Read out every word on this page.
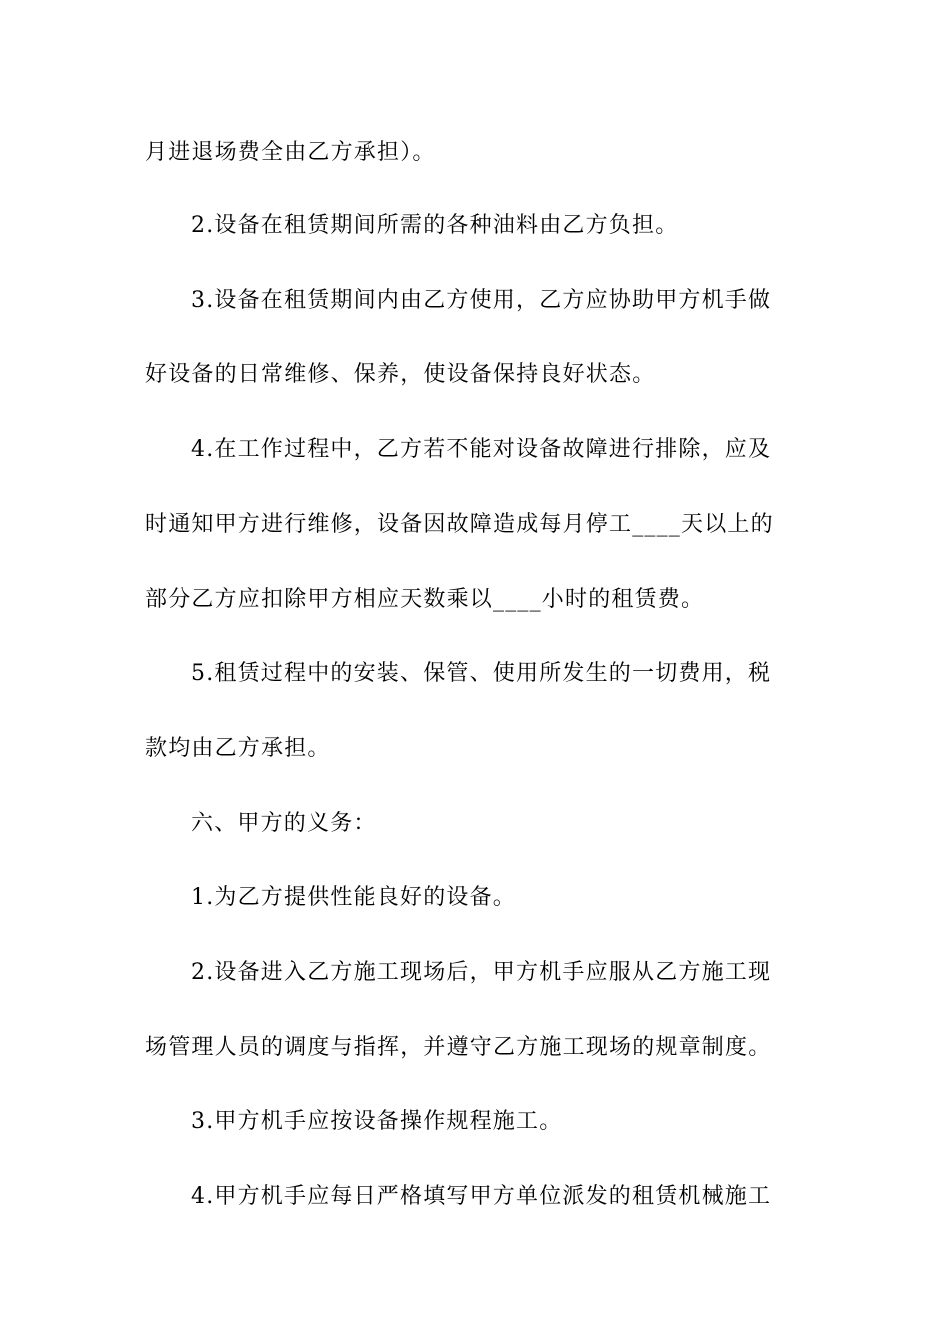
月进退场费全由乙方承担）。
2.设备在租赁期间所需的各种油料由乙方负担。
3.设备在租赁期间内由乙方使用，乙方应协助甲方机手做
好设备的日常维修、保养，使设备保持良好状态。
4.在工作过程中，乙方若不能对设备故障进行排除，应及
时通知甲方进行维修，设备因故障造成每月停工____天以上的
部分乙方应扣除甲方相应天数乘以____小时的租赁费。
5.租赁过程中的安装、保管、使用所发生的一切费用，税
款均由乙方承担。
六、甲方的义务：
1.为乙方提供性能良好的设备。
2.设备进入乙方施工现场后，甲方机手应服从乙方施工现
场管理人员的调度与指挥，并遵守乙方施工现场的规章制度。
3.甲方机手应按设备操作规程施工。
4.甲方机手应每日严格填写甲方单位派发的租赁机械施工
